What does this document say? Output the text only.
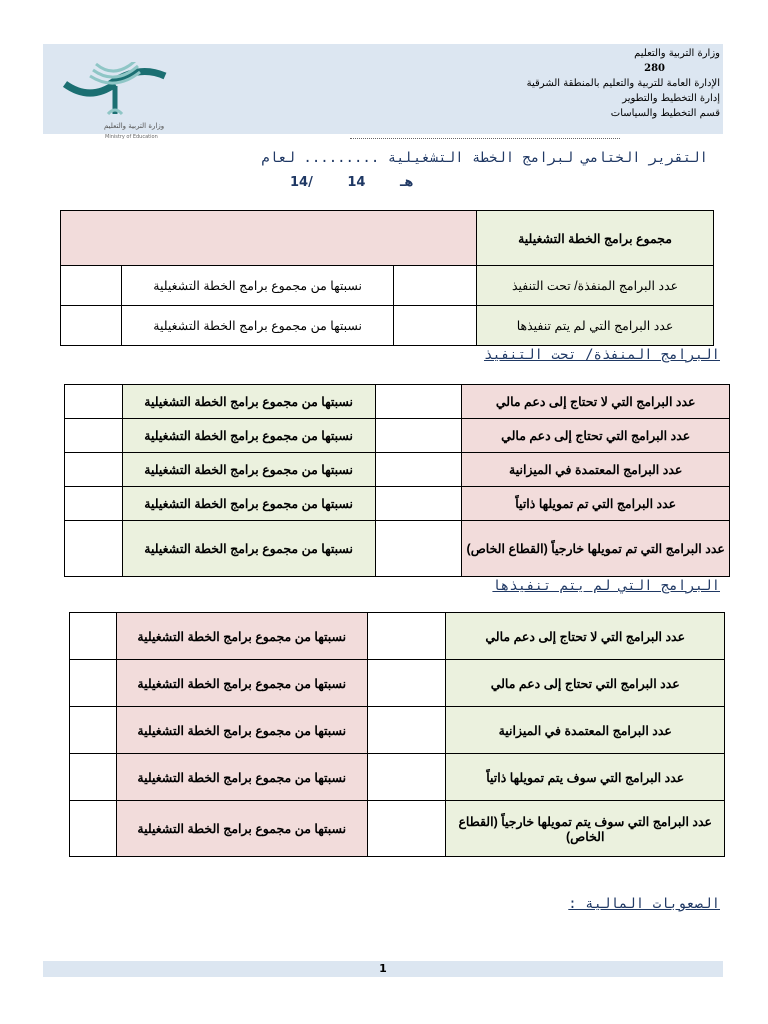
وزارة التربية والتعليم
Ministry of Education
وزارة التربية والتعليم
280
الإدارة العامة للتربية والتعليم بالمنطقة الشرقية
إدارة التخطيط والتطوير
قسم التخطيط والسياسات
التقرير الختامي لبرامج الخطة التشغيلية ......... لعام
14/ 14 هـ
مجموع برامج الخطة التشغيلية			
عدد البرامج المنفذة/ تحت التنفيذ		نسبتها من مجموع برامج الخطة التشغيلية	
عدد البرامج التي لم يتم تنفيذها		نسبتها من مجموع برامج الخطة التشغيلية	
البرامج المنفذة/ تحت التنفيذ
عدد البرامج التي لا تحتاج إلى دعم مالي		نسبتها من مجموع برامج الخطة التشغيلية	
عدد البرامج التي تحتاج إلى دعم مالي		نسبتها من مجموع برامج الخطة التشغيلية	
عدد البرامج المعتمدة في الميزانية		نسبتها من مجموع برامج الخطة التشغيلية	
عدد البرامج التي تم تمويلها ذاتياً		نسبتها من مجموع برامج الخطة التشغيلية	
عدد البرامج التي تم تمويلها خارجياً (القطاع الخاص)		نسبتها من مجموع برامج الخطة التشغيلية	
البرامج التي لم يتم تنفيذها
عدد البرامج التي لا تحتاج إلى دعم مالي		نسبتها من مجموع برامج الخطة التشغيلية	
عدد البرامج التي تحتاج إلى دعم مالي		نسبتها من مجموع برامج الخطة التشغيلية	
عدد البرامج المعتمدة في الميزانية		نسبتها من مجموع برامج الخطة التشغيلية	
عدد البرامج التي سوف يتم تمويلها ذاتياً		نسبتها من مجموع برامج الخطة التشغيلية	
عدد البرامج التي سوف يتم تمويلها خارجياً (القطاع الخاص)		نسبتها من مجموع برامج الخطة التشغيلية	
الصعوبات المالية :
1
